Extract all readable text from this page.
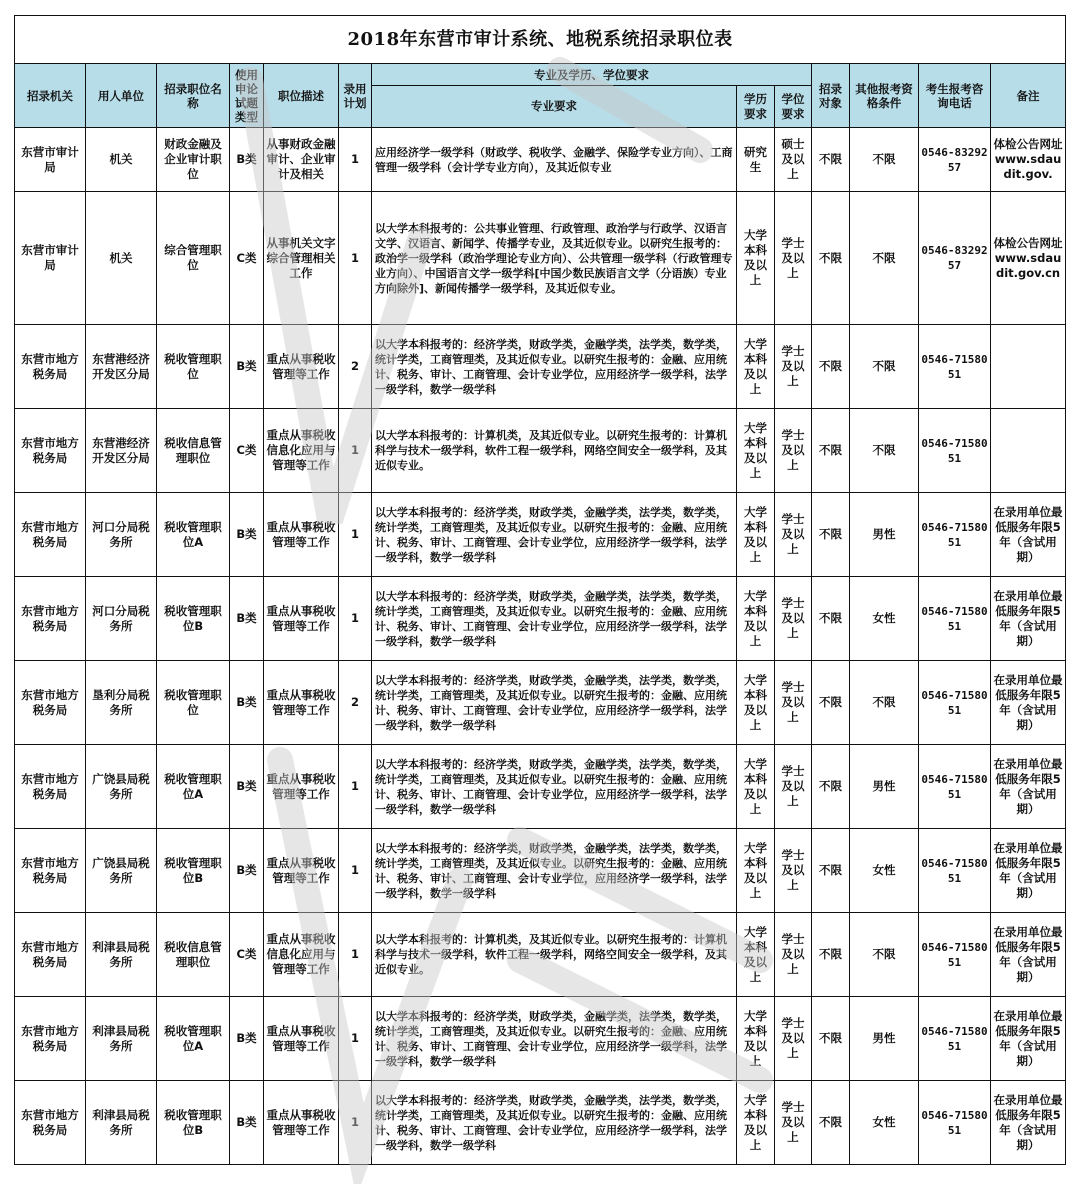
2018年东营市审计系统、地税系统招录职位表												
招录机关	用人单位	招录职位名称	使用申论试题类型	职位描述	录用计划	专业及学历、学位要求			招录对象	其他报考资格条件	考生报考咨询电话	备注
						专业要求	学历要求	学位要求				

东营市审计局	机关	财政金融及企业审计职位	B类	从事财政金融审计、企业审计及相关	1	应用经济学一级学科（财政学、税收学、金融学、保险学专业方向）、工商管理一级学科（会计学专业方向），及其近似专业	研究生	硕士及以上	不限	不限	0546-8329257	体检公告网址www.sdaudit.gov.

东营市审计局	机关	综合管理职位	C类	从事机关文字综合管理相关工作	1	以大学本科报考的：公共事业管理、行政管理、政治学与行政学、汉语言文学、汉语言、新闻学、传播学专业，及其近似专业。以研究生报考的：政治学一级学科（政治学理论专业方向）、公共管理一级学科（行政管理专业方向）、中国语言文学一级学科[中国少数民族语言文学（分语族）专业方向除外]、新闻传播学一级学科，及其近似专业。	大学本科及以上	学士及以上	不限	不限	0546-8329257	体检公告网址www.sdaudit.gov.cn

东营市地方税务局	东营港经济开发区分局	税收管理职位	B类	重点从事税收管理等工作	2	以大学本科报考的：经济学类，财政学类，金融学类，法学类，数学类，统计学类，工商管理类，及其近似专业。以研究生报考的：金融、应用统计、税务、审计、工商管理、会计专业学位，应用经济学一级学科，法学一级学科，数学一级学科	大学本科及以上	学士及以上	不限	不限	0546-7158051	

东营市地方税务局	东营港经济开发区分局	税收信息管理职位	C类	重点从事税收信息化应用与管理等工作	1	以大学本科报考的：计算机类，及其近似专业。以研究生报考的：计算机科学与技术一级学科，软件工程一级学科，网络空间安全一级学科，及其近似专业。	大学本科及以上	学士及以上	不限	不限	0546-7158051	

东营市地方税务局	河口分局税务所	税收管理职位A	B类	重点从事税收管理等工作	1	以大学本科报考的：经济学类，财政学类，金融学类，法学类，数学类，统计学类，工商管理类，及其近似专业。以研究生报考的：金融、应用统计、税务、审计、工商管理、会计专业学位，应用经济学一级学科，法学一级学科，数学一级学科	大学本科及以上	学士及以上	不限	男性	0546-7158051	在录用单位最低服务年限5年（含试用期）

东营市地方税务局	河口分局税务所	税收管理职位B	B类	重点从事税收管理等工作	1	以大学本科报考的：经济学类，财政学类，金融学类，法学类，数学类，统计学类，工商管理类，及其近似专业。以研究生报考的：金融、应用统计、税务、审计、工商管理、会计专业学位，应用经济学一级学科，法学一级学科，数学一级学科	大学本科及以上	学士及以上	不限	女性	0546-7158051	在录用单位最低服务年限5年（含试用期）

东营市地方税务局	垦利分局税务所	税收管理职位	B类	重点从事税收管理等工作	2	以大学本科报考的：经济学类，财政学类，金融学类，法学类，数学类，统计学类，工商管理类，及其近似专业。以研究生报考的：金融、应用统计、税务、审计、工商管理、会计专业学位，应用经济学一级学科，法学一级学科，数学一级学科	大学本科及以上	学士及以上	不限	不限	0546-7158051	在录用单位最低服务年限5年（含试用期）

东营市地方税务局	广饶县局税务所	税收管理职位A	B类	重点从事税收管理等工作	1	以大学本科报考的：经济学类，财政学类，金融学类，法学类，数学类，统计学类，工商管理类，及其近似专业。以研究生报考的：金融、应用统计、税务、审计、工商管理、会计专业学位，应用经济学一级学科，法学一级学科，数学一级学科	大学本科及以上	学士及以上	不限	男性	0546-7158051	在录用单位最低服务年限5年（含试用期）

东营市地方税务局	广饶县局税务所	税收管理职位B	B类	重点从事税收管理等工作	1	以大学本科报考的：经济学类，财政学类，金融学类，法学类，数学类，统计学类，工商管理类，及其近似专业。以研究生报考的：金融、应用统计、税务、审计、工商管理、会计专业学位，应用经济学一级学科，法学一级学科，数学一级学科	大学本科及以上	学士及以上	不限	女性	0546-7158051	在录用单位最低服务年限5年（含试用期）

东营市地方税务局	利津县局税务所	税收信息管理职位	C类	重点从事税收信息化应用与管理等工作	1	以大学本科报考的：计算机类，及其近似专业。以研究生报考的：计算机科学与技术一级学科，软件工程一级学科，网络空间安全一级学科，及其近似专业。	大学本科及以上	学士及以上	不限	不限	0546-7158051	在录用单位最低服务年限5年（含试用期）

东营市地方税务局	利津县局税务所	税收管理职位A	B类	重点从事税收管理等工作	1	以大学本科报考的：经济学类，财政学类，金融学类，法学类，数学类，统计学类，工商管理类，及其近似专业。以研究生报考的：金融、应用统计、税务、审计、工商管理、会计专业学位，应用经济学一级学科，法学一级学科，数学一级学科	大学本科及以上	学士及以上	不限	男性	0546-7158051	在录用单位最低服务年限5年（含试用期）

东营市地方税务局	利津县局税务所	税收管理职位B	B类	重点从事税收管理等工作	1	以大学本科报考的：经济学类，财政学类，金融学类，法学类，数学类，统计学类，工商管理类，及其近似专业。以研究生报考的：金融、应用统计、税务、审计、工商管理、会计专业学位，应用经济学一级学科，法学一级学科，数学一级学科	大学本科及以上	学士及以上	不限	女性	0546-7158051	在录用单位最低服务年限5年（含试用期）
